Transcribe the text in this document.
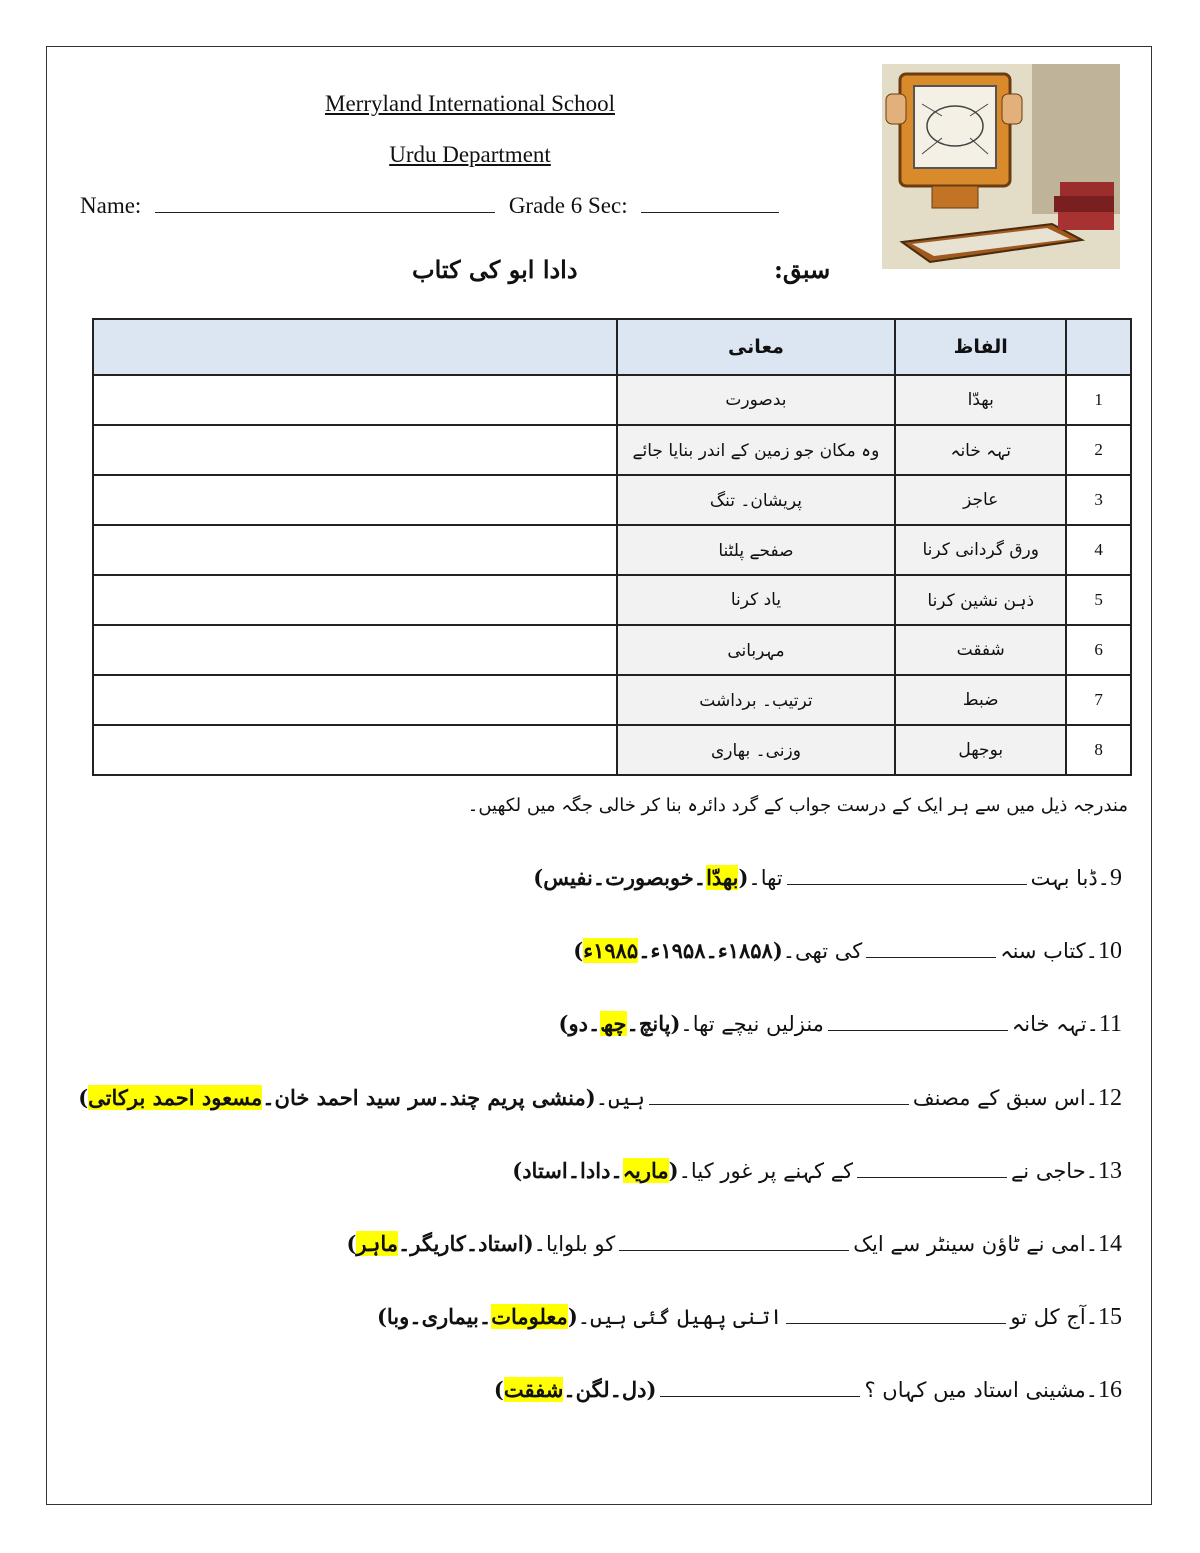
Merryland International School
Urdu Department
Name:	Grade 6 Sec:
سبق:
دادا ابو کی کتاب
	معانی	الفاظ	
	بدصورت	بھدّا	1
	وہ مکان جو زمین کے اندر بنایا جائے	تہہ خانہ	2
	پریشان۔ تنگ	عاجز	3
	صفحے پلٹنا	ورق گردانی کرنا	4
	یاد کرنا	ذہن نشین کرنا	5
	مہربانی	شفقت	6
	ترتیب۔ برداشت	ضبط	7
	وزنی۔ بھاری	بوجھل	8
مندرجہ ذیل میں سے ہر ایک کے درست جواب کے گرد دائرہ بنا کر خالی جگہ میں لکھیں۔
9۔ڈبا بہتتھا۔(بھدّا۔خوبصورت۔نفیس)
10۔کتاب سنہکی تھی۔(۱۸۵۸ء۔۱۹۵۸ء۔۱۹۸۵ء)
11۔تہہ خانہمنزلیں نیچے تھا۔(پانچ۔چھ۔دو)
12۔اس سبق کے مصنفہیں۔(منشی پریم چند۔سر سید احمد خان۔مسعود احمد برکاتی)
13۔حاجی نےکے کہنے پر غور کیا۔(ماریہ۔دادا۔استاد)
14۔امی نے ٹاؤن سینٹر سے ایککو بلوایا۔(استاد۔کاریگر۔ماہر)
15۔آج کل تواتنی پھیل گئی ہیں۔(معلومات۔بیماری۔وبا)
16۔مشینی استاد میں کہاں ؟(دل۔لگن۔شفقت)
